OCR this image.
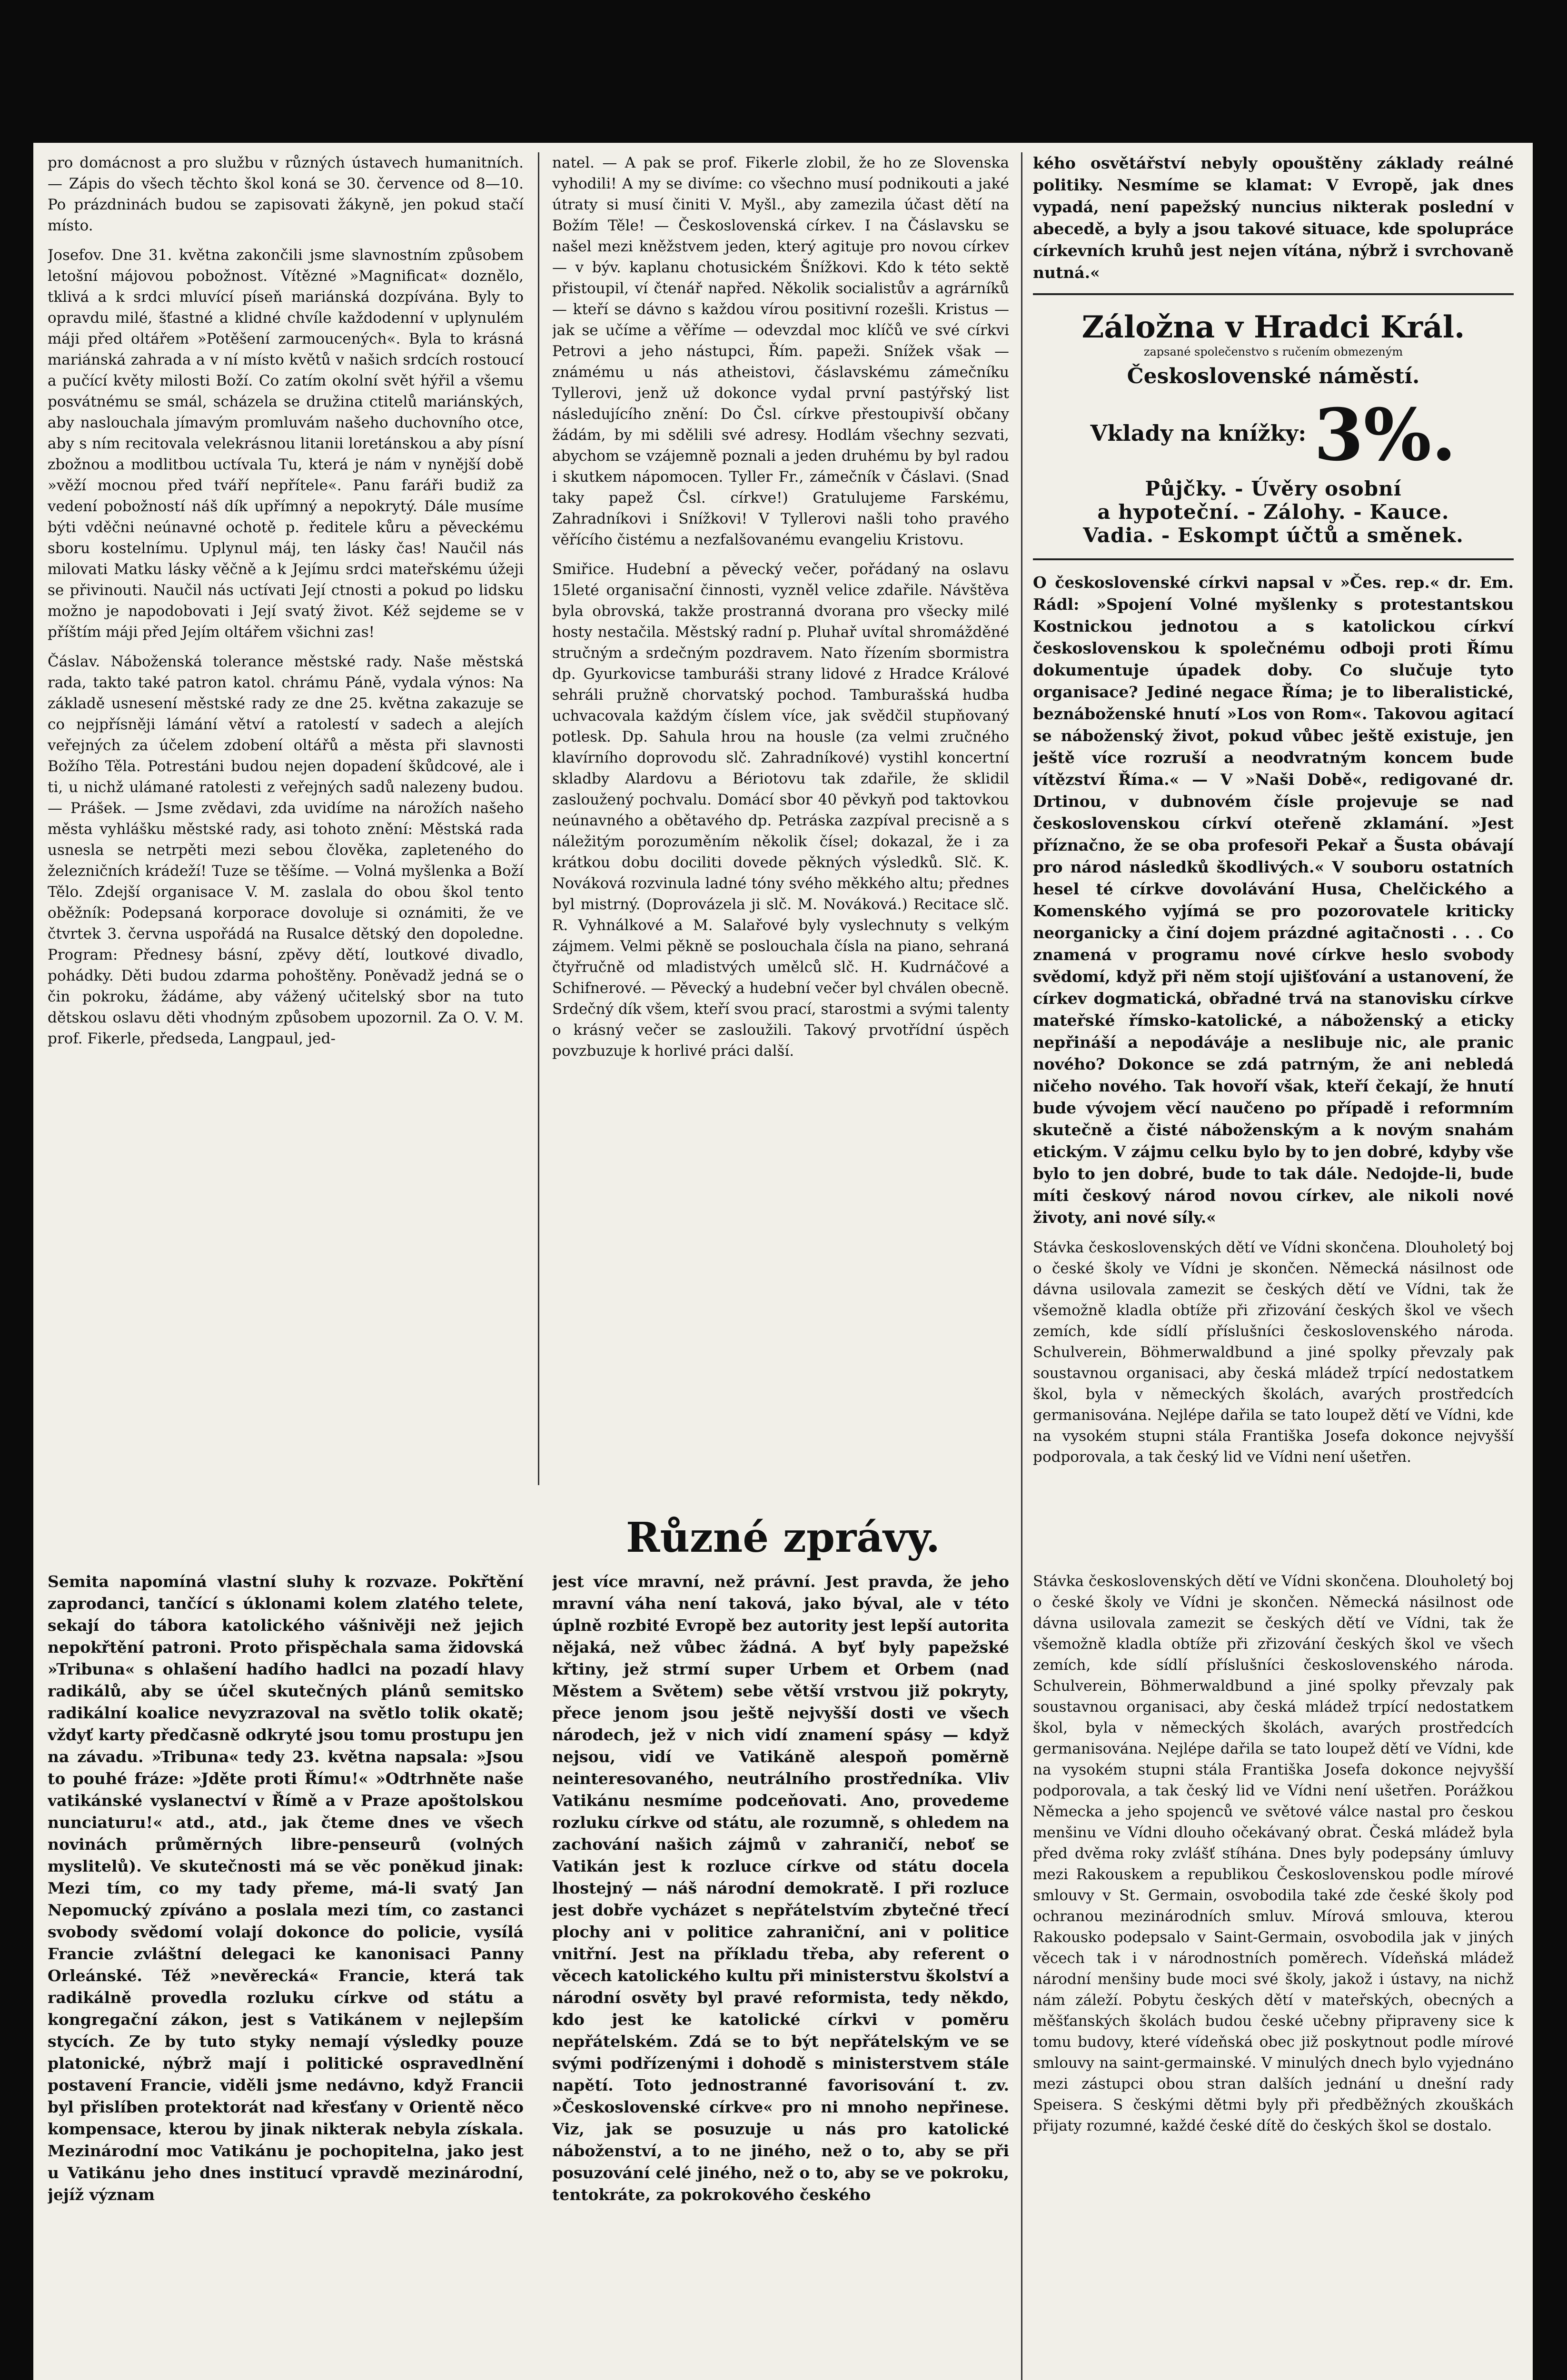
pro domácnost a pro službu v různých ústavech humanitních. — Zápis do všech těchto škol koná se 30. července od 8—10. Po prázdninách budou se zapisovati žákyně, jen pokud stačí místo.

Josefov. Dne 31. května zakončili jsme slavnostním způsobem letošní májovou pobožnost. Vítězné »Magnificat« doznělo, tklivá a k srdci mluvící píseň mariánská dozpívána. Byly to opravdu milé, šťastné a klidné chvíle každodenní v uplynulém máji před oltářem »Potěšení zarmoucených«. Byla to krásná mariánská zahrada a v ní místo květů v našich srdcích rostoucí a pučící květy milosti Boží. Co zatím okolní svět hýřil a všemu posvátnému se smál, scházela se družina ctitelů mariánských, aby naslouchala jímavým promluvám našeho duchovního otce, aby s ním recitovala velekrásnou litanii loretánskou a aby písní zbožnou a modlitbou uctívala Tu, která je nám v nynější době »věží mocnou před tváří nepřítele«. Panu faráři budiž za vedení pobožností náš dík upřímný a nepokrytý. Dále musíme býti vděčni neúnavné ochotě p. ředitele kůru a pěveckému sboru kostelnímu. Uplynul máj, ten lásky čas! Naučil nás milovati Matku lásky věčně a k Jejímu srdci mateřskému úžeji se přivinouti. Naučil nás uctívati Její ctnosti a pokud po lidsku možno je napodobovati i Její svatý život. Kéž sejdeme se v příštím máji před Jejím oltářem všichni zas!

Čáslav. Náboženská tolerance městské rady. Naše městská rada, takto také patron katol. chrámu Páně, vydala výnos: Na základě usnesení městské rady ze dne 25. května zakazuje se co nejpřísněji lámání větví a ratolestí v sadech a alejích veřejných za účelem zdobení oltářů a města při slavnosti Božího Těla. Potrestáni budou nejen dopadení škůdcové, ale i ti, u nichž ulámané ratolesti z veřejných sadů nalezeny budou. — Prášek. — Jsme zvědavi, zda uvidíme na nárožích našeho města vyhlášku městské rady, asi tohoto znění: Městská rada usnesla se netrpěti mezi sebou člověka, zapleteného do železničních krádeží! Tuze se těšíme. — Volná myšlenka a Boží Tělo. Zdejší organisace V. M. zaslala do obou škol tento oběžník: Podepsaná korporace dovoluje si oznámiti, že ve čtvrtek 3. června uspořádá na Rusalce dětský den dopoledne. Program: Přednesy básní, zpěvy dětí, loutkové divadlo, pohádky. Děti budou zdarma pohoštěny. Poněvadž jedná se o čin pokroku, žádáme, aby vážený učitelský sbor na tuto dětskou oslavu děti vhodným způsobem upozornil. Za O. V. M. prof. Fikerle, předseda, Langpaul, jed-

natel. — A pak se prof. Fikerle zlobil, že ho ze Slovenska vyhodili! A my se divíme: co všechno musí podnikouti a jaké útraty si musí činiti V. Myšl., aby zamezila účast dětí na Božím Těle! — Československá církev. I na Čáslavsku se našel mezi kněžstvem jeden, který agituje pro novou církev — v býv. kaplanu chotusickém Šnížkovi. Kdo k této sektě přistoupil, ví čtenář napřed. Několik socialistův a agrárníků — kteří se dávno s každou vírou positivní rozešli. Kristus — jak se učíme a věříme — odevzdal moc klíčů ve své církvi Petrovi a jeho nástupci, Řím. papeži. Snížek však — známému u nás atheistovi, čáslavskému zámečníku Tyllerovi, jenž už dokonce vydal první pastýřský list následujícího znění: Do Čsl. církve přestoupivší občany žádám, by mi sdělili své adresy. Hodlám všechny sezvati, abychom se vzájemně poznali a jeden druhému by byl radou i skutkem nápomocen. Tyller Fr., zámečník v Čáslavi. (Snad taky papež Čsl. církve!) Gratulujeme Farskému, Zahradníkovi i Snížkovi! V Tyllerovi našli toho pravého věřícího čistému a nezfalšovanému evangeliu Kristovu.

Smiřice. Hudební a pěvecký večer, pořádaný na oslavu 15leté organisační činnosti, vyzněl velice zdařile. Návštěva byla obrovská, takže prostranná dvorana pro všecky milé hosty nestačila. Městský radní p. Pluhař uvítal shromážděné stručným a srdečným pozdravem. Nato řízením sbormistra dp. Gyurkovicse tamburáši strany lidové z Hradce Králové sehráli pružně chorvatský pochod. Tamburašská hudba uchvacovala každým číslem více, jak svědčil stupňovaný potlesk. Dp. Sahula hrou na housle (za velmi zručného klavírního doprovodu slč. Zahradníkové) vystihl koncertní skladby Alardovu a Bériotovu tak zdařile, že sklidil zasloužený pochvalu. Domácí sbor 40 pěvkyň pod taktovkou neúnavného a obětavého dp. Petráska zazpíval precisně a s náležitým porozuměním několik čísel; dokazal, že i za krátkou dobu dociliti dovede pěkných výsledků. Slč. K. Nováková rozvinula ladné tóny svého měkkého altu; přednes byl mistrný. (Doprovázela ji slč. M. Nováková.) Recitace slč. R. Vyhnálkové a M. Salařové byly vyslechnuty s velkým zájmem. Velmi pěkně se poslouchala čísla na piano, sehraná čtyřručně od mladistvých umělců slč. H. Kudrnáčové a Schifnerové. — Pěvecký a hudební večer byl chválen obecně. Srdečný dík všem, kteří svou prací, starostmi a svými talenty o krásný večer se zasloužili. Takový prvotřídní úspěch povzbuzuje k horlivé práci další.

kého osvětářství nebyly opouštěny základy reálné politiky. Nesmíme se klamat: V Evropě, jak dnes vypadá, není papežský nuncius nikterak poslední v abecedě, a byly a jsou takové situace, kde spolupráce církevních kruhů jest nejen vítána, nýbrž i svrchovaně nutná.«

Záložna v Hradci Král.
zapsané společenstvo s ručením obmezeným
Československé náměstí.
Vklady na knížky: 3%.
Půjčky. - Úvěry osobní
a hypoteční. - Zálohy. - Kauce.
Vadia. - Eskompt účtů a směnek.

O československé církvi napsal v »Čes. rep.« dr. Em. Rádl: »Spojení Volné myšlenky s protestantskou Kostnickou jednotou a s katolickou církví československou k společnému odboji proti Římu dokumentuje úpadek doby. Co slučuje tyto organisace? Jediné negace Říma; je to liberalistické, beznáboženské hnutí »Los von Rom«. Takovou agitací se náboženský život, pokud vůbec ještě existuje, jen ještě více rozruší a neodvratným koncem bude vítězství Říma.« — V »Naši Době«, redigované dr. Drtinou, v dubnovém čísle projevuje se nad československou církví oteřeně zklamání. »Jest příznačno, že se oba profesoři Pekař a Šusta obávají pro národ následků škodlivých.« V souboru ostatních hesel té církve dovolávání Husa, Chelčického a Komenského vyjímá se pro pozorovatele kriticky neorganicky a činí dojem prázdné agitačnosti . . . Co znamená v programu nové církve heslo svobody svědomí, když při něm stojí ujišťování a ustanovení, že církev dogmatická, obřadné trvá na stanovisku církve mateřské římsko-katolické, a náboženský a eticky nepřináší a nepodáváje a neslibuje nic, ale pranic nového? Dokonce se zdá patrným, že ani nebledá ničeho nového. Tak hovoří však, kteří čekají, že hnutí bude vývojem věcí naučeno po případě i reformním skutečně a čisté náboženským a k novým snahám etickým. V zájmu celku bylo by to jen dobré, kdyby vše bylo to jen dobré, bude to tak dále. Nedojde-li, bude míti českový národ novou církev, ale nikoli nové životy, ani nové síly.«

Stávka československých dětí ve Vídni skončena. Dlouholetý boj o české školy ve Vídni je skončen. Německá násilnost ode dávna usilovala zamezit se českých dětí ve Vídni, tak že všemožně kladla obtíže při zřizování českých škol ve všech zemích, kde sídlí příslušníci československého národa. Schulverein, Böhmerwaldbund a jiné spolky převzaly pak soustavnou organisaci, aby česká mládež trpící nedostatkem škol, byla v německých školách, avarých prostředcích germanisována. Nejlépe dařila se tato loupež dětí ve Vídni, kde na vysokém stupni stála Františka Josefa dokonce nejvyšší podporovala, a tak český lid ve Vídni není ušetřen.

Různé zprávy.

Semita napomíná vlastní sluhy k rozvaze. Pokřtění zaprodanci, tančící s úklonami kolem zlatého telete, sekají do tábora katolického vášnivěji než jejich nepokřtění patroni. Proto přispěchala sama židovská »Tribuna« s ohlašení hadího hadlci na pozadí hlavy radikálů, aby se účel skutečných plánů semitsko radikální koalice nevyzrazoval na světlo tolik okatě; vždyť karty předčasně odkryté jsou tomu prostupu jen na závadu. »Tribuna« tedy 23. května napsala: »Jsou to pouhé fráze: »Jděte proti Římu!« »Odtrhněte naše vatikánské vyslanectví v Římě a v Praze apoštolskou nunciaturu!« atd., atd., jak čteme dnes ve všech novinách průměrných libre-penseurů (volných myslitelů). Ve skutečnosti má se věc poněkud jinak: Mezi tím, co my tady přeme, má-li svatý Jan Nepomucký zpíváno a poslala mezi tím, co zastanci svobody svědomí volají dokonce do policie, vysílá Francie zvláštní delegaci ke kanonisaci Panny Orleánské. Též »nevěrecká« Francie, která tak radikálně provedla rozluku církve od státu a kongregační zákon, jest s Vatikánem v nejlepším stycích. Ze by tuto styky nemají výsledky pouze platonické, nýbrž mají i politické ospravedlnění postavení Francie, viděli jsme nedávno, když Francii byl přislíben protektorát nad křesťany v Orientě něco kompensace, kterou by jinak nikterak nebyla získala. Mezinárodní moc Vatikánu je pochopitelna, jako jest u Vatikánu jeho dnes institucí vpravdě mezinárodní, jejíž význam

jest více mravní, než právní. Jest pravda, že jeho mravní váha není taková, jako býval, ale v této úplně rozbité Evropě bez autority jest lepší autorita nějaká, než vůbec žádná. A byť byly papežské křtiny, jež strmí super Urbem et Orbem (nad Městem a Světem) sebe větší vrstvou již pokryty, přece jenom jsou ještě nejvyšší dosti ve všech národech, jež v nich vidí znamení spásy — když nejsou, vidí ve Vatikáně alespoň poměrně neinteresovaného, neutrálního prostředníka. Vliv Vatikánu nesmíme podceňovati. Ano, provedeme rozluku církve od státu, ale rozumně, s ohledem na zachování našich zájmů v zahraničí, neboť se Vatikán jest k rozluce církve od státu docela lhostejný — náš národní demokratě. I při rozluce jest dobře vycházet s nepřátelstvím zbytečné třecí plochy ani v politice zahraniční, ani v politice vnitřní. Jest na příkladu třeba, aby referent o věcech katolického kultu při ministerstvu školství a národní osvěty byl pravé reformista, tedy někdo, kdo jest ke katolické církvi v poměru nepřátelském. Zdá se to být nepřátelským ve se svými podřízenými i dohodě s ministerstvem stále napětí. Toto jednostranné favorisování t. zv. »Československé církve« pro ni mnoho nepřinese. Viz, jak se posuzuje u nás pro katolické náboženství, a to ne jiného, než o to, aby se při posuzování celé jiného, než o to, aby se ve pokroku, tentokráte, za pokrokového českého

Stávka československých dětí ve Vídni skončena. Dlouholetý boj o české školy ve Vídni je skončen. Německá násilnost ode dávna usilovala zamezit se českých dětí ve Vídni, tak že všemožně kladla obtíže při zřizování českých škol ve všech zemích, kde sídlí příslušníci československého národa. Schulverein, Böhmerwaldbund a jiné spolky převzaly pak soustavnou organisaci, aby česká mládež trpící nedostatkem škol, byla v německých školách, avarých prostředcích germanisována. Nejlépe dařila se tato loupež dětí ve Vídni, kde na vysokém stupni stála Františka Josefa dokonce nejvyšší podporovala, a tak český lid ve Vídni není ušetřen. Porážkou Německa a jeho spojenců ve světové válce nastal pro českou menšinu ve Vídni dlouho očekávaný obrat. Česká mládež byla před dvěma roky zvlášť stíhána. Dnes byly podepsány úmluvy mezi Rakouskem a republikou Československou podle mírové smlouvy v St. Germain, osvobodila také zde české školy pod ochranou mezinárodních smluv. Mírová smlouva, kterou Rakousko podepsalo v Saint-Germain, osvobodila jak v jiných věcech tak i v národnostních poměrech. Vídeňská mládež národní menšiny bude moci své školy, jakož i ústavy, na nichž nám záleží. Pobytu českých dětí v mateřských, obecných a měšťanských školách budou české učebny připraveny sice k tomu budovy, které vídeňská obec již poskytnout podle mírové smlouvy na saint-germainské. V minulých dnech bylo vyjednáno mezi zástupci obou stran dalších jednání u dnešní rady Speisera. S českými dětmi byly při předběžných zkouškách přijaty rozumné, každé české dítě do českých škol se dostalo.
